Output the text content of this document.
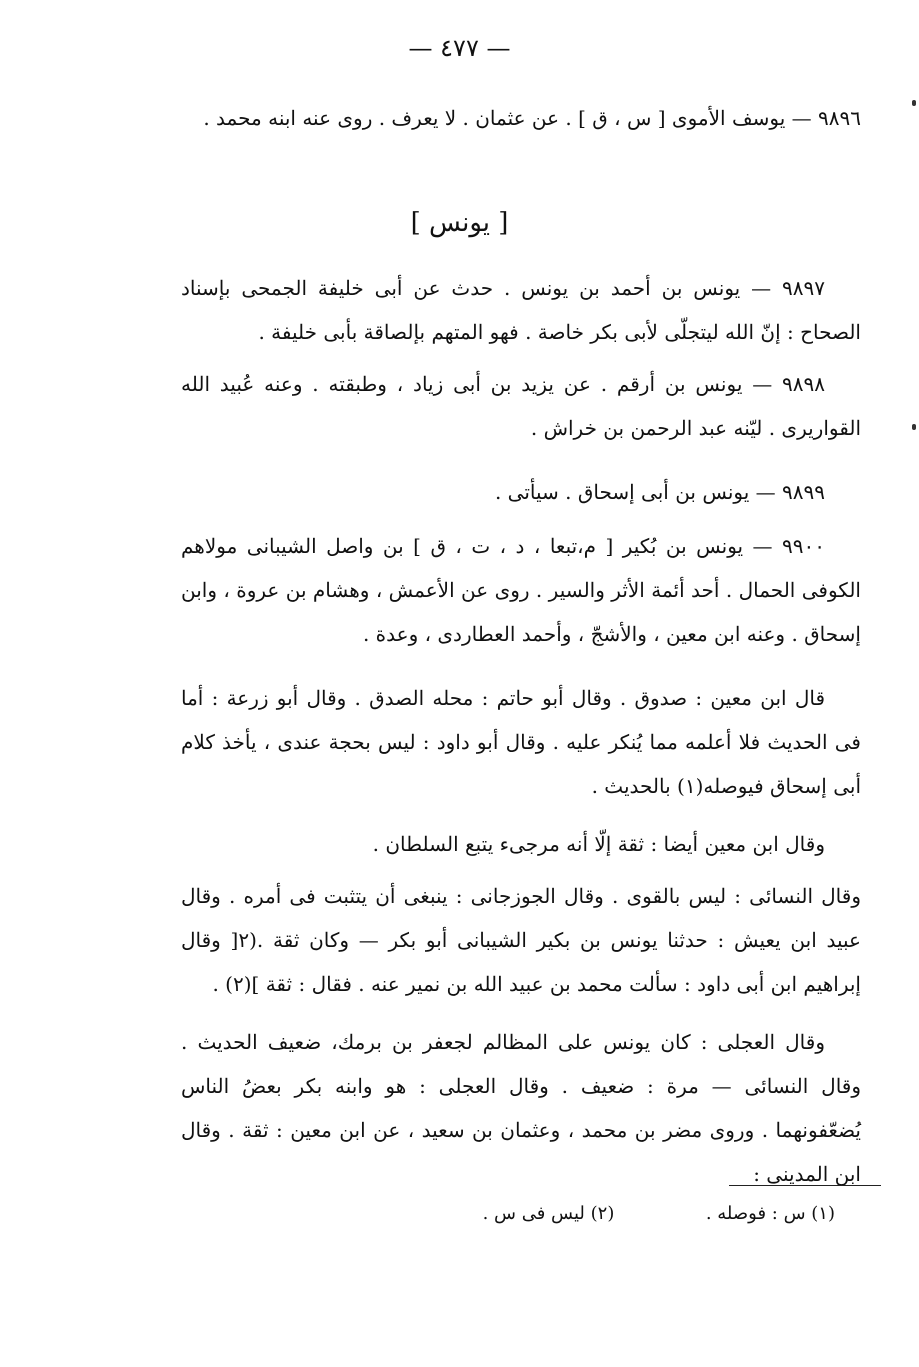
— ٤٧٧ —

٩٨٩٦ — يوسف الأموى [ س ، ق ] . عن عثمان . لا يعرف . روى عنه ابنه محمد .

[ يونس ]

٩٨٩٧ — يونس بن أحمد بن يونس . حدث عن أبى خليفة الجمحى بإسناد الصحاح : إنّ الله ليتجلّى لأبى بكر خاصة . فهو المتهم بإلصاقة بأبى خليفة .

٩٨٩٨ — يونس بن أرقم . عن يزيد بن أبى زياد ، وطبقته . وعنه عُبيد الله القواريرى . ليّنه عبد الرحمن بن خراش .

٩٨٩٩ — يونس بن أبى إسحاق . سيأتى .

٩٩٠٠ — يونس بن بُكير [ م،تبعا ، د ، ت ، ق ] بن واصل الشيبانى مولاهم الكوفى الحمال . أحد أئمة الأثر والسير . روى عن الأعمش ، وهشام بن عروة ، وابن إسحاق . وعنه ابن معين ، والأشجّ ، وأحمد العطاردى ، وعدة .

قال ابن معين : صدوق . وقال أبو حاتم : محله الصدق . وقال أبو زرعة : أما فى الحديث فلا أعلمه مما يُنكر عليه . وقال أبو داود : ليس بحجة عندى ، يأخذ كلام أبى إسحاق فيوصله(١) بالحديث .

وقال ابن معين أيضا : ثقة إلّا أنه مرجىء يتبع السلطان .

وقال النسائى : ليس بالقوى . وقال الجوزجانى : ينبغى أن يتثبت فى أمره . وقال عبيد ابن يعيش : حدثنا يونس بن بكير الشيبانى أبو بكر — وكان ثقة .(٢[ وقال إبراهيم ابن أبى داود : سألت محمد بن عبيد الله بن نمير عنه . فقال : ثقة ](٢) .

وقال العجلى : كان يونس على المظالم لجعفر بن برمك، ضعيف الحديث . وقال النسائى — مرة : ضعيف . وقال العجلى : هو وابنه بكر بعضُ الناس يُضعّفونهما . وروى مضر بن محمد ، وعثمان بن سعيد ، عن ابن معين : ثقة . وقال ابن المدينى :

(١) س : فوصله .  (٢) ليس فى س .
